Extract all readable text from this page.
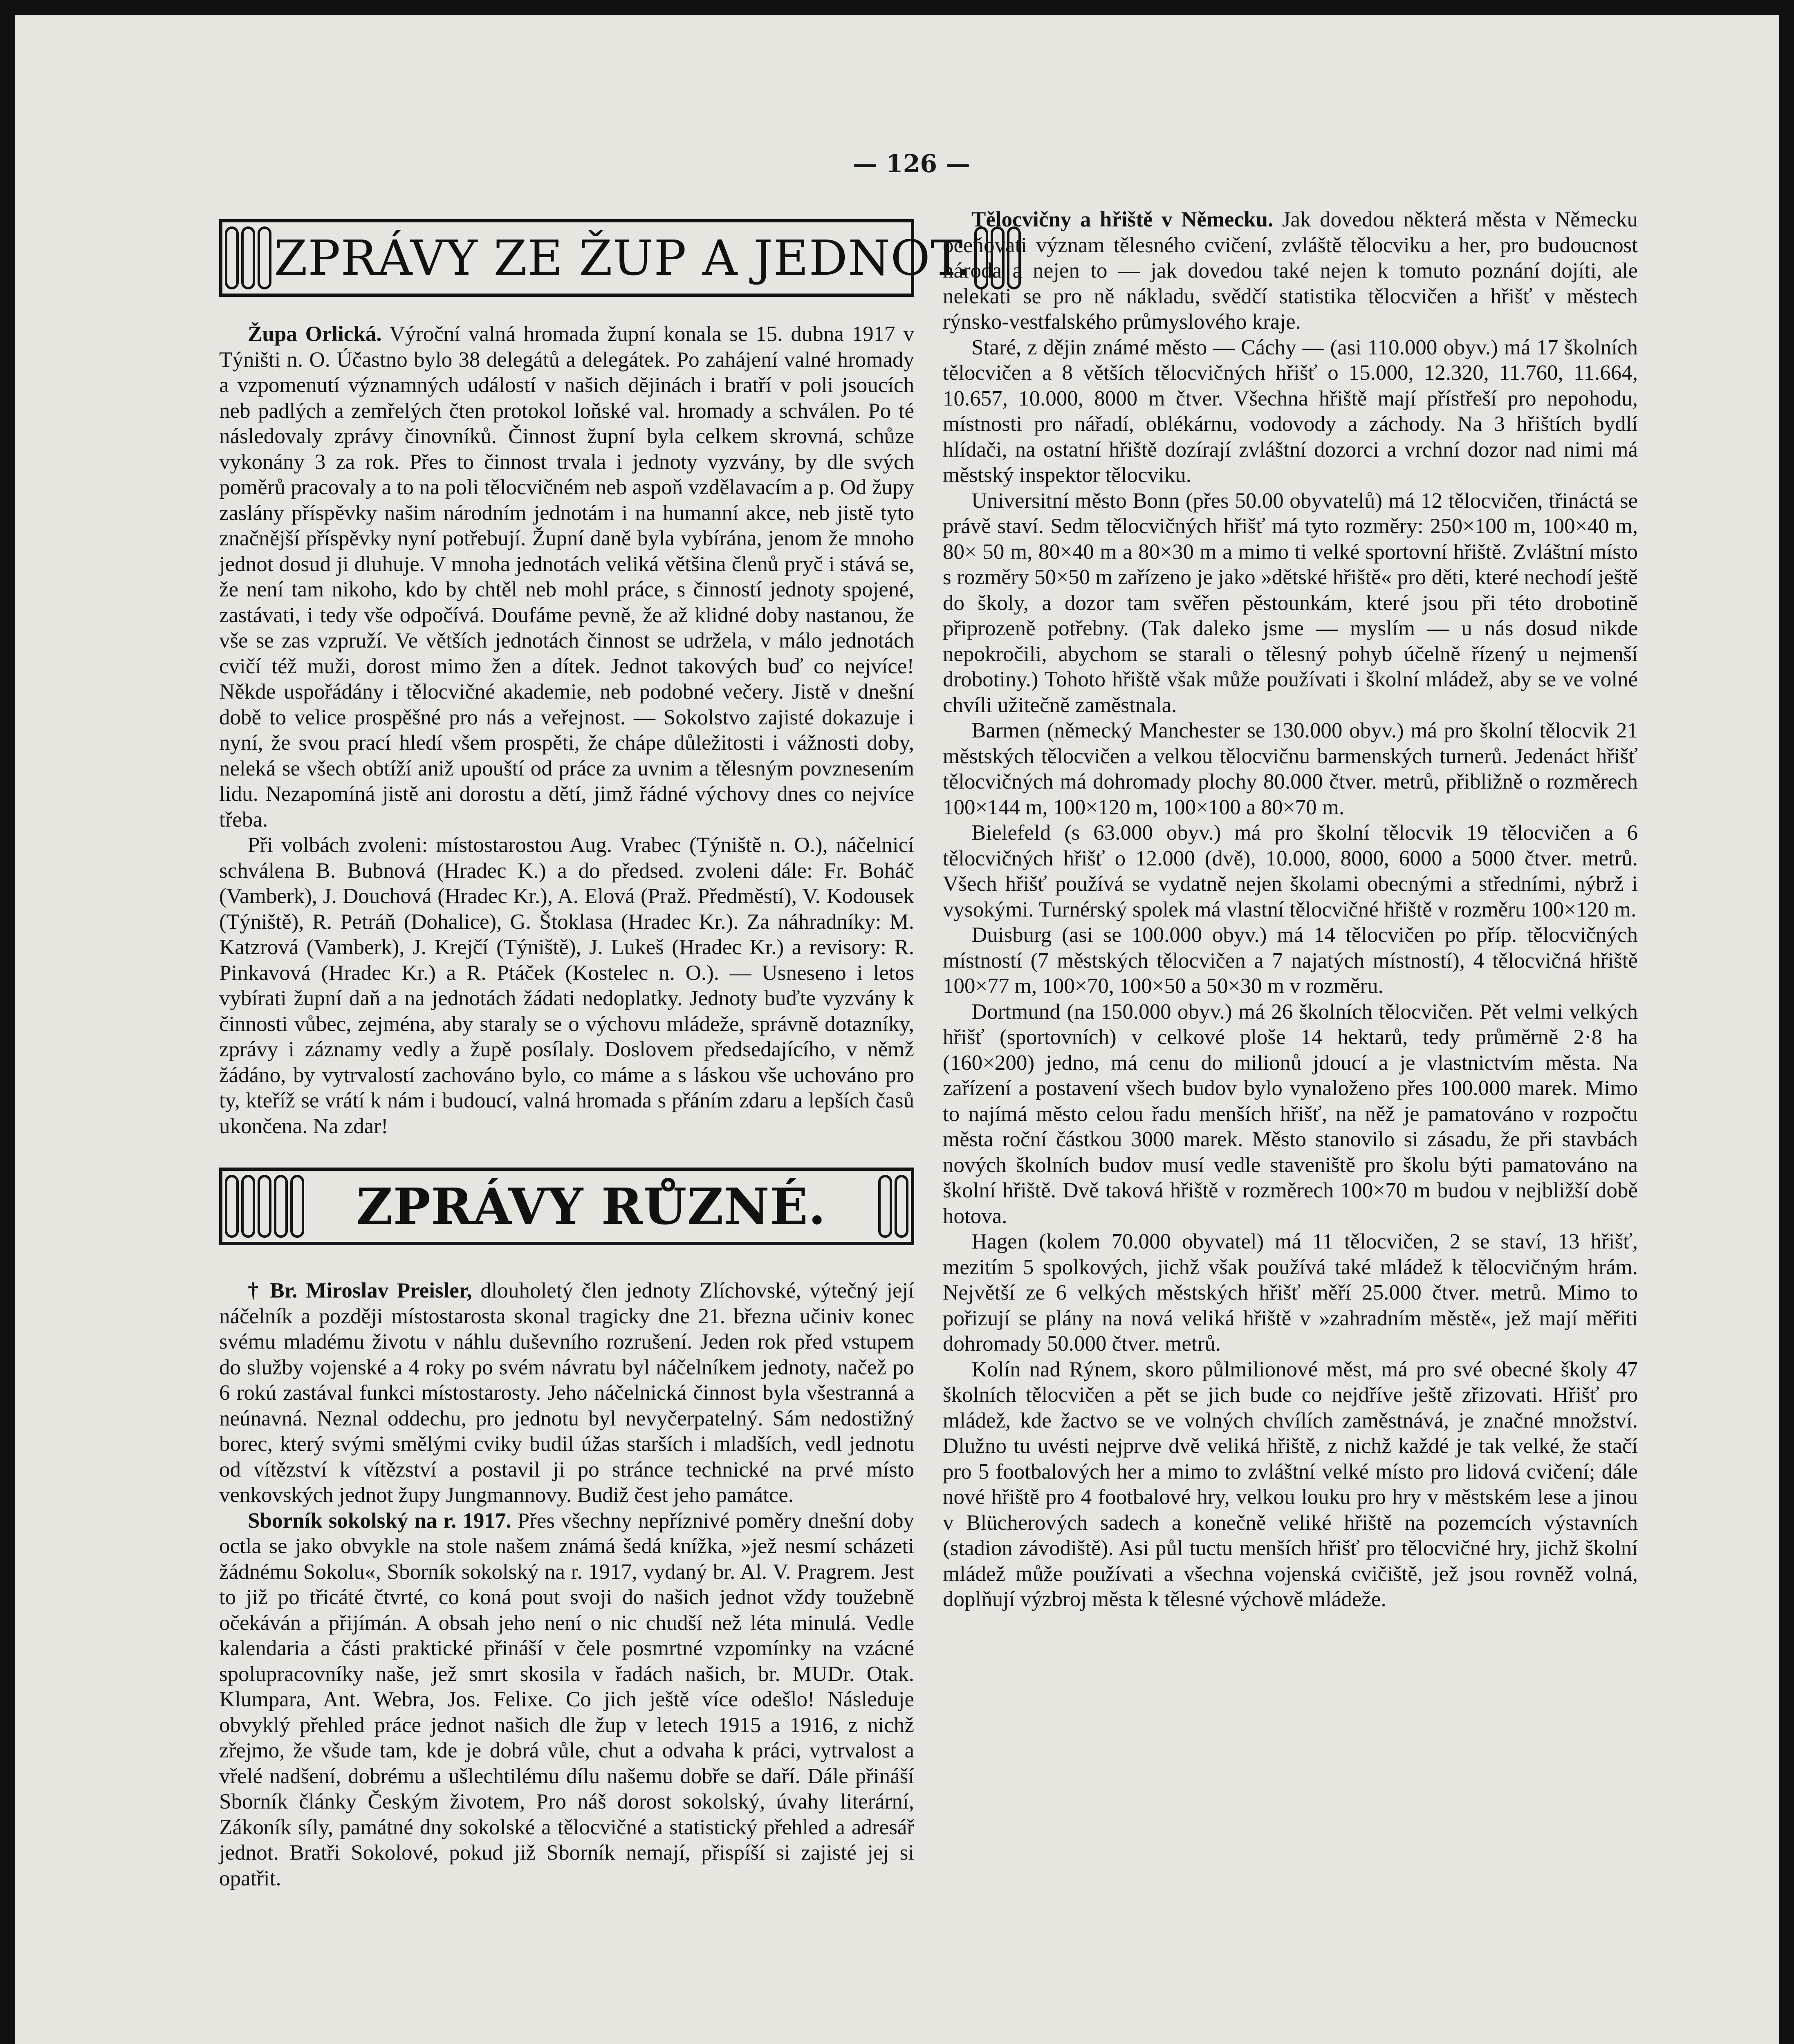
— 126 —
ZPRÁVY ZE ŽUP A JEDNOT.

Župa Orlická. Výroční valná hromada župní konala se 15. dubna 1917 v Týništi n. O. Účastno bylo 38 delegátů a delegátek. Po zahájení valné hromady a vzpomenutí významných událostí v našich dějinách i bratří v poli jsoucích neb padlých a zemřelých čten protokol loňské val. hromady a schválen. Po té následovaly zprávy činovníků. Činnost župní byla celkem skrovná, schůze vykonány 3 za rok. Přes to činnost trvala i jednoty vyzvány, by dle svých poměrů pracovaly a to na poli tělocvičném neb aspoň vzdělavacím a p. Od župy zaslány příspěvky našim národním jednotám i na humanní akce, neb jistě tyto značnější příspěvky nyní potřebují. Župní daně byla vybírána, jenom že mnoho jednot dosud ji dluhuje. V mnoha jednotách veliká většina členů pryč i stává se, že není tam nikoho, kdo by chtěl neb mohl práce, s činností jednoty spojené, zastávati, i tedy vše odpočívá. Doufáme pevně, že až klidné doby nastanou, že vše se zas vzpruží. Ve větších jednotách činnost se udržela, v málo jednotách cvičí též muži, dorost mimo žen a dítek. Jednot takových buď co nejvíce! Někde uspořádány i tělocvičné akademie, neb podobné večery. Jistě v dnešní době to velice prospěšné pro nás a veřejnost. — Sokolstvo zajisté dokazuje i nyní, že svou prací hledí všem prospěti, že chápe důležitosti i vážnosti doby, neleká se všech obtíží aniž upouští od práce za uvnim a tělesným povznesením lidu. Nezapomíná jistě ani dorostu a dětí, jimž řádné výchovy dnes co nejvíce třeba.

Při volbách zvoleni: místostarostou Aug. Vrabec (Týniště n. O.), náčelnicí schválena B. Bubnová (Hradec K.) a do předsed. zvoleni dále: Fr. Boháč (Vamberk), J. Douchová (Hradec Kr.), A. Elová (Praž. Předměstí), V. Kodousek (Týniště), R. Petráň (Dohalice), G. Štoklasa (Hradec Kr.). Za náhradníky: M. Katzrová (Vamberk), J. Krejčí (Týniště), J. Lukeš (Hradec Kr.) a revisory: R. Pinkavová (Hradec Kr.) a R. Ptáček (Kostelec n. O.). — Usneseno i letos vybírati župní daň a na jednotách žádati nedoplatky. Jednoty buďte vyzvány k činnosti vůbec, zejména, aby staraly se o výchovu mládeže, správně dotazníky, zprávy i záznamy vedly a župě posílaly. Doslovem předsedajícího, v němž žádáno, by vytrvalostí zachováno bylo, co máme a s láskou vše uchováno pro ty, kteříž se vrátí k nám i budoucí, valná hromada s přáním zdaru a lepších časů ukončena. Na zdar!

ZPRÁVY RŮZNÉ.

† Br. Miroslav Preisler, dlouholetý člen jednoty Zlíchovské, výtečný její náčelník a později místostarosta skonal tragicky dne 21. března učiniv konec svému mladému životu v náhlu duševního rozrušení. Jeden rok před vstupem do služby vojenské a 4 roky po svém návratu byl náčelníkem jednoty, načež po 6 rokú zastával funkci místostarosty. Jeho náčelnická činnost byla všestranná a neúnavná. Neznal oddechu, pro jednotu byl nevyčerpatelný. Sám nedostižný borec, který svými smělými cviky budil úžas starších i mladších, vedl jednotu od vítězství k vítězství a postavil ji po stránce technické na prvé místo venkovských jednot župy Jungmannovy. Budiž čest jeho památce.

Sborník sokolský na r. 1917. Přes všechny nepříznivé poměry dnešní doby octla se jako obvykle na stole našem známá šedá knížka, »jež nesmí scházeti žádnému Sokolu«, Sborník sokolský na r. 1917, vydaný br. Al. V. Pragrem. Jest to již po třicáté čtvrté, co koná pout svoji do našich jednot vždy toužebně očekáván a přijímán. A obsah jeho není o nic chudší než léta minulá. Vedle kalendaria a části praktické přináší v čele posmrtné vzpomínky na vzácné spolupracovníky naše, jež smrt skosila v řadách našich, br. MUDr. Otak. Klumpara, Ant. Webra, Jos. Felixe. Co jich ještě více odešlo! Následuje obvyklý přehled práce jednot našich dle žup v letech 1915 a 1916, z nichž zřejmo, že všude tam, kde je dobrá vůle, chut a odvaha k práci, vytrvalost a vřelé nadšení, dobrému a ušlechtilému dílu našemu dobře se daří. Dále přináší Sborník články Českým životem, Pro náš dorost sokolský, úvahy literární, Zákoník síly, památné dny sokolské a tělocvičné a statistický přehled a adresář jednot. Bratři Sokolové, pokud již Sborník nemají, přispíší si zajisté jej si opatřit.

Tělocvičny a hřiště v Německu. Jak dovedou některá města v Německu oceňovati význam tělesného cvičení, zvláště tělocviku a her, pro budoucnost národa a nejen to — jak dovedou také nejen k tomuto poznání dojíti, ale nelekati se pro ně nákladu, svědčí statistika tělocvičen a hřišť v městech rýnsko-vestfalského průmyslového kraje.

Staré, z dějin známé město — Cáchy — (asi 110.000 obyv.) má 17 školních tělocvičen a 8 větších tělocvičných hřišť o 15.000, 12.320, 11.760, 11.664, 10.657, 10.000, 8000 m čtver. Všechna hřiště mají přístřeší pro nepohodu, místnosti pro nářadí, oblékárnu, vodovody a záchody. Na 3 hřištích bydlí hlídači, na ostatní hřiště dozírají zvláštní dozorci a vrchní dozor nad nimi má městský inspektor tělocviku.

Universitní město Bonn (přes 50.00 obyvatelů) má 12 tělocvičen, třináctá se právě staví. Sedm tělocvičných hřišť má tyto rozměry: 250×100 m, 100×40 m, 80× 50 m, 80×40 m a 80×30 m a mimo ti velké sportovní hřiště. Zvláštní místo s rozměry 50×50 m zařízeno je jako »dětské hřiště« pro děti, které nechodí ještě do školy, a dozor tam svěřen pěstounkám, které jsou při této drobotině připrozeně potřebny. (Tak daleko jsme — myslím — u nás dosud nikde nepokročili, abychom se starali o tělesný pohyb účelně řízený u nejmenší drobotiny.) Tohoto hřiště však může používati i školní mládež, aby se ve volné chvíli užitečně zaměstnala.

Barmen (německý Manchester se 130.000 obyv.) má pro školní tělocvik 21 městských tělocvičen a velkou tělocvičnu barmenských turnerů. Jedenáct hřišť tělocvičných má dohromady plochy 80.000 čtver. metrů, přibližně o rozměrech 100×144 m, 100×120 m, 100×100 a 80×70 m.

Bielefeld (s 63.000 obyv.) má pro školní tělocvik 19 tělocvičen a 6 tělocvičných hřišť o 12.000 (dvě), 10.000, 8000, 6000 a 5000 čtver. metrů. Všech hřišť používá se vydatně nejen školami obecnými a středními, nýbrž i vysokými. Turnérský spolek má vlastní tělocvičné hřiště v rozměru 100×120 m.

Duisburg (asi se 100.000 obyv.) má 14 tělocvičen po příp. tělocvičných místností (7 městských tělocvičen a 7 najatých místností), 4 tělocvičná hřiště 100×77 m, 100×70, 100×50 a 50×30 m v rozměru.

Dortmund (na 150.000 obyv.) má 26 školních tělocvičen. Pět velmi velkých hřišť (sportovních) v celkové ploše 14 hektarů, tedy průměrně 2·8 ha (160×200) jedno, má cenu do milionů jdoucí a je vlastnictvím města. Na zařízení a postavení všech budov bylo vynaloženo přes 100.000 marek. Mimo to najímá město celou řadu menších hřišť, na něž je pamatováno v rozpočtu města roční částkou 3000 marek. Město stanovilo si zásadu, že při stavbách nových školních budov musí vedle staveniště pro školu býti pamatováno na školní hřiště. Dvě taková hřiště v rozměrech 100×70 m budou v nejbližší době hotova.

Hagen (kolem 70.000 obyvatel) má 11 tělocvičen, 2 se staví, 13 hřišť, mezitím 5 spolkových, jichž však používá také mládež k tělocvičným hrám. Největší ze 6 velkých městských hřišť měří 25.000 čtver. metrů. Mimo to pořizují se plány na nová veliká hřiště v »zahradním městě«, jež mají měřiti dohromady 50.000 čtver. metrů.

Kolín nad Rýnem, skoro půlmilionové měst, má pro své obecné školy 47 školních tělocvičen a pět se jich bude co nejdříve ještě zřizovati. Hřišť pro mládež, kde žactvo se ve volných chvílích zaměstnává, je značné množství. Dlužno tu uvésti nejprve dvě veliká hřiště, z nichž každé je tak velké, že stačí pro 5 footbalových her a mimo to zvláštní velké místo pro lidová cvičení; dále nové hřiště pro 4 footbalové hry, velkou louku pro hry v městském lese a jinou v Blücherových sadech a konečně veliké hřiště na pozemcích výstavních (stadion závodiště). Asi půl tuctu menších hřišť pro tělocvičné hry, jichž školní mládež může používati a všechna vojenská cvičiště, jež jsou rovněž volná, doplňují výzbroj města k tělesné výchově mládeže.
